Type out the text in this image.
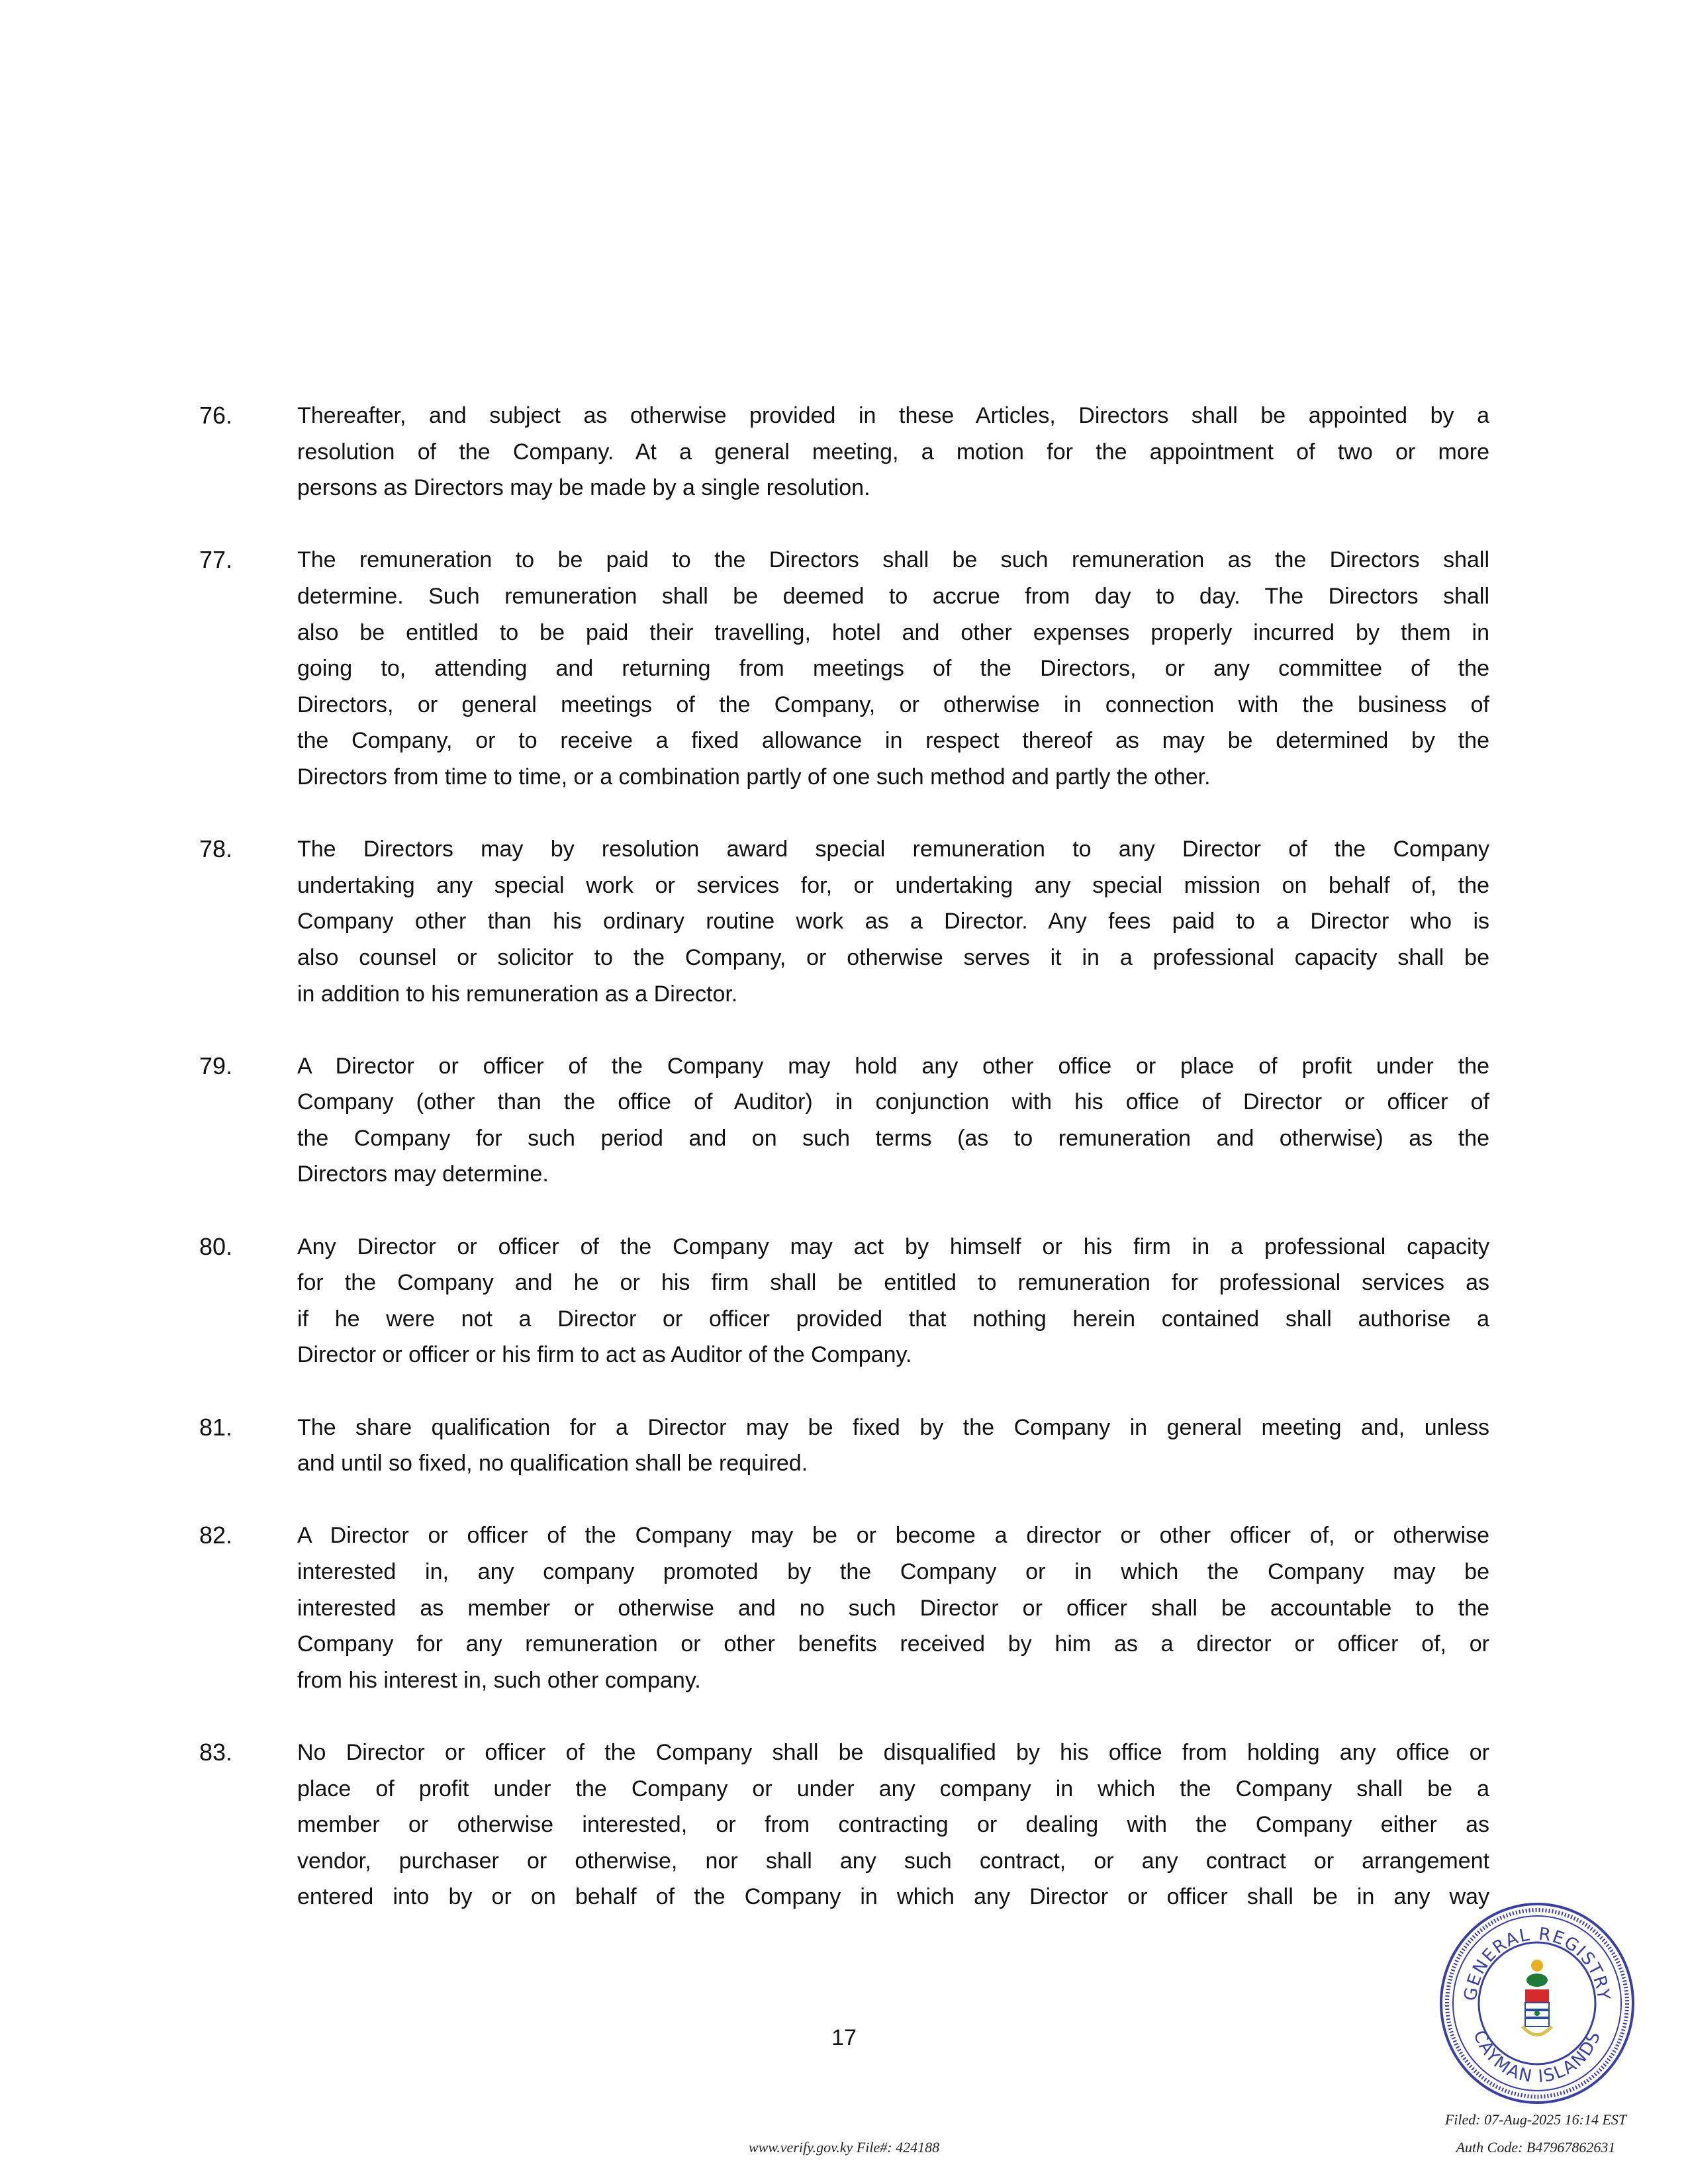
76.	Thereafter, and subject as otherwise provided in these Articles, Directors shall be appointed by a
resolution of the Company. At a general meeting, a motion for the appointment of two or more
persons as Directors may be made by a single resolution.
77.	The remuneration to be paid to the Directors shall be such remuneration as the Directors shall
determine. Such remuneration shall be deemed to accrue from day to day. The Directors shall
also be entitled to be paid their travelling, hotel and other expenses properly incurred by them in
going to, attending and returning from meetings of the Directors, or any committee of the
Directors, or general meetings of the Company, or otherwise in connection with the business of
the Company, or to receive a fixed allowance in respect thereof as may be determined by the
Directors from time to time, or a combination partly of one such method and partly the other.
78.	The Directors may by resolution award special remuneration to any Director of the Company
undertaking any special work or services for, or undertaking any special mission on behalf of, the
Company other than his ordinary routine work as a Director. Any fees paid to a Director who is
also counsel or solicitor to the Company, or otherwise serves it in a professional capacity shall be
in addition to his remuneration as a Director.
79.	A Director or officer of the Company may hold any other office or place of profit under the
Company (other than the office of Auditor) in conjunction with his office of Director or officer of
the Company for such period and on such terms (as to remuneration and otherwise) as the
Directors may determine.
80.	Any Director or officer of the Company may act by himself or his firm in a professional capacity
for the Company and he or his firm shall be entitled to remuneration for professional services as
if he were not a Director or officer provided that nothing herein contained shall authorise a
Director or officer or his firm to act as Auditor of the Company.
81.	The share qualification for a Director may be fixed by the Company in general meeting and, unless
and until so fixed, no qualification shall be required.
82.	A Director or officer of the Company may be or become a director or other officer of, or otherwise
interested in, any company promoted by the Company or in which the Company may be
interested as member or otherwise and no such Director or officer shall be accountable to the
Company for any remuneration or other benefits received by him as a director or officer of, or
from his interest in, such other company.
83.	No Director or officer of the Company shall be disqualified by his office from holding any office or
place of profit under the Company or under any company in which the Company shall be a
member or otherwise interested, or from contracting or dealing with the Company either as
vendor, purchaser or otherwise, nor shall any such contract, or any contract or arrangement
entered into by or on behalf of the Company in which any Director or officer shall be in any way
17
GENERAL REGISTRY
CAYMAN ISLANDS
www.verify.gov.ky File#: 424188
Filed: 07-Aug-2025 16:14 EST
Auth Code: B47967862631
